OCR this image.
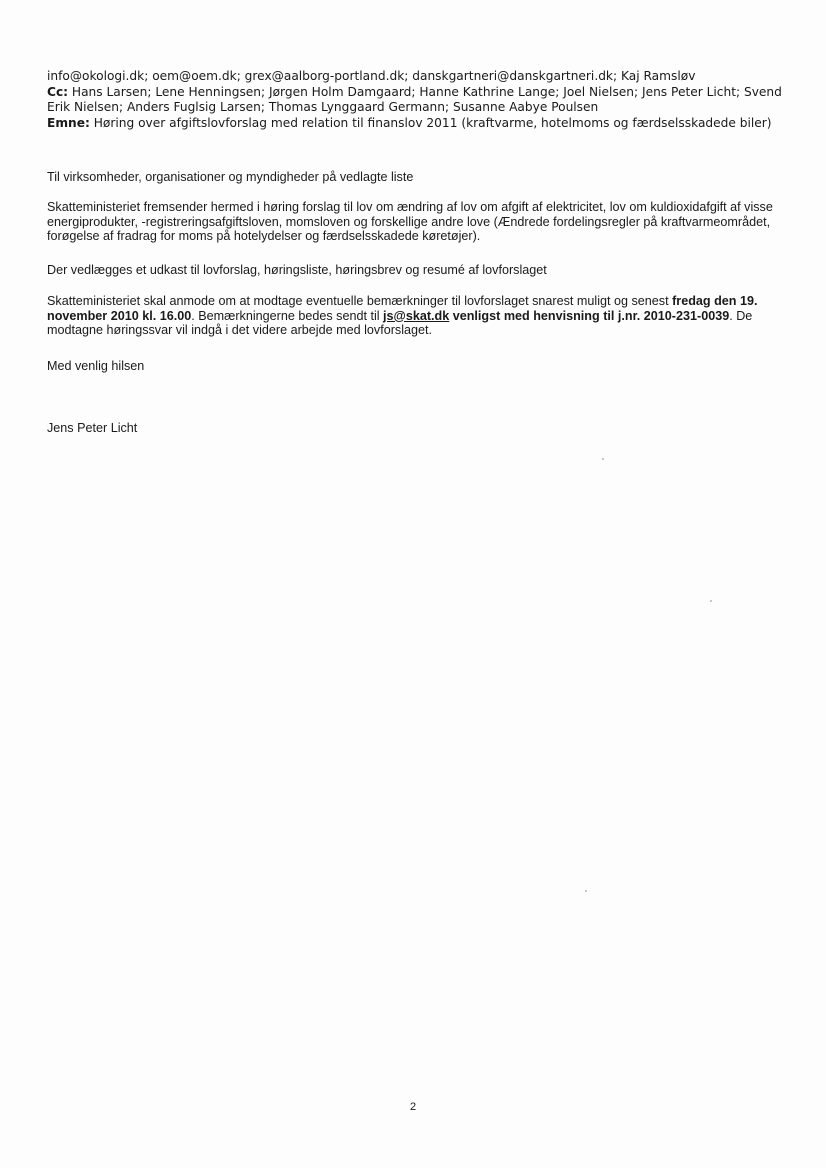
info@okologi.dk; oem@oem.dk; grex@aalborg-portland.dk; danskgartneri@danskgartneri.dk; Kaj Ramsløv
Cc: Hans Larsen; Lene Henningsen; Jørgen Holm Damgaard; Hanne Kathrine Lange; Joel Nielsen; Jens Peter Licht; Svend Erik Nielsen; Anders Fuglsig Larsen; Thomas Lynggaard Germann; Susanne Aabye Poulsen
Emne: Høring over afgiftslovforslag med relation til finanslov 2011 (kraftvarme, hotelmoms og færdselsskadede biler)

Til virksomheder, organisationer og myndigheder på vedlagte liste

Skatteministeriet fremsender hermed i høring forslag til lov om ændring af lov om afgift af elektricitet, lov om kuldioxidafgift af visse energiprodukter, -registreringsafgiftsloven, momsloven og forskellige andre love (Ændrede fordelingsregler på kraftvarmeområdet, forøgelse af fradrag for moms på hotelydelser og færdselsskadede køretøjer).

Der vedlægges et udkast til lovforslag, høringsliste, høringsbrev og resumé af lovforslaget

Skatteministeriet skal anmode om at modtage eventuelle bemærkninger til lovforslaget snarest muligt og senest fredag den 19. november 2010 kl. 16.00. Bemærkningerne bedes sendt til js@skat.dk venligst med henvisning til j.nr. 2010-231-0039. De modtagne høringssvar vil indgå i det videre arbejde med lovforslaget.

Med venlig hilsen

Jens Peter Licht

2
